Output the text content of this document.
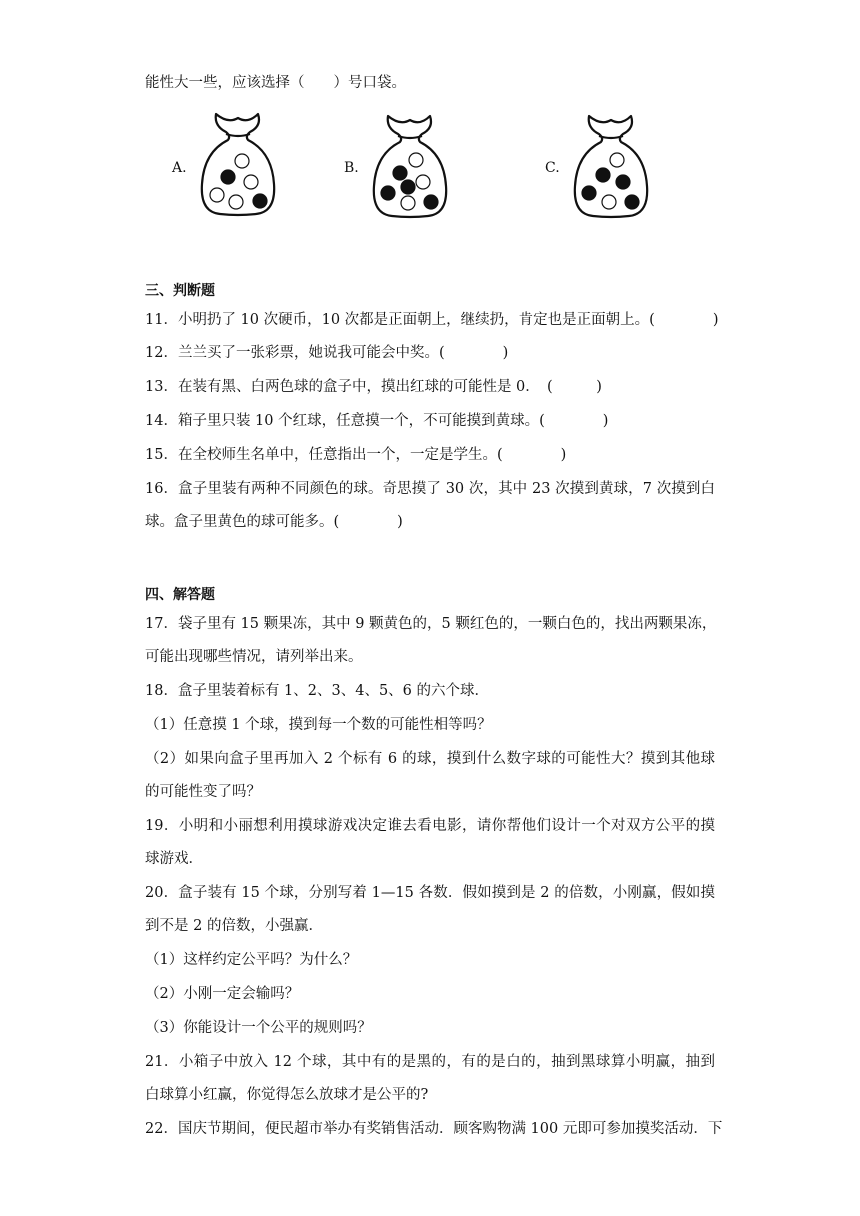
能性大一些，应该选择（　　）号口袋。
A.	B.	C.
三、判断题
11．小明扔了 10 次硬币，10 次都是正面朝上，继续扔，肯定也是正面朝上。(　　　　)
12．兰兰买了一张彩票，她说我可能会中奖。(　　　　)
13．在装有黑、白两色球的盒子中，摸出红球的可能性是 0．　(　　　)
14．箱子里只装 10 个红球，任意摸一个，不可能摸到黄球。(　　　　)
15．在全校师生名单中，任意指出一个，一定是学生。(　　　　)
16．盒子里装有两种不同颜色的球。奇思摸了 30 次，其中 23 次摸到黄球，7 次摸到白
球。盒子里黄色的球可能多。(　　　　)
四、解答题
17．袋子里有 15 颗果冻，其中 9 颗黄色的，5 颗红色的，一颗白色的，找出两颗果冻，
可能出现哪些情况，请列举出来。
18．盒子里装着标有 1、2、3、4、5、6 的六个球．
（1）任意摸 1 个球，摸到每一个数的可能性相等吗？
（2）如果向盒子里再加入 2 个标有 6 的球，摸到什么数字球的可能性大？摸到其他球
的可能性变了吗？
19．小明和小丽想利用摸球游戏决定谁去看电影，请你帮他们设计一个对双方公平的摸
球游戏．
20．盒子装有 15 个球，分别写着 1—15 各数．假如摸到是 2 的倍数，小刚赢，假如摸
到不是 2 的倍数，小强赢．
（1）这样约定公平吗？为什么？
（2）小刚一定会输吗？
（3）你能设计一个公平的规则吗？
21．小箱子中放入 12 个球，其中有的是黑的，有的是白的，抽到黑球算小明赢，抽到
白球算小红赢，你觉得怎么放球才是公平的?
22．国庆节期间，便民超市举办有奖销售活动．顾客购物满 100 元即可参加摸奖活动．下
